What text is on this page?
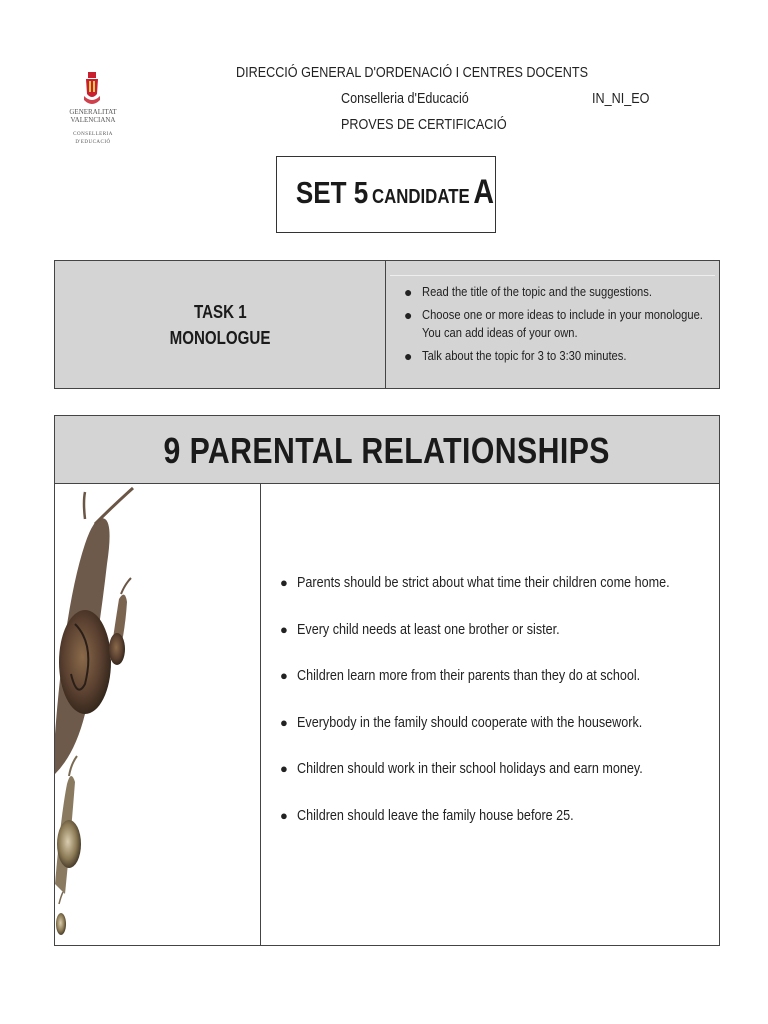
GENERALITAT
VALENCIANA
CONSELLERIA D'EDUCACIÓ
DIRECCIÓ GENERAL D'ORDENACIÓ I CENTRES DOCENTS
Conselleria d'Educació
PROVES DE CERTIFICACIÓ
IN_NI_EO
SET 5 CANDIDATE A
TASK 1
MONOLOGUE
● Read the title of the topic and the suggestions.
● Choose one or more ideas to include in your monologue. You can add ideas of your own.
● Talk about the topic for 3 to 3:30 minutes.
9 PARENTAL RELATIONSHIPS
● Parents should be strict about what time their children come home.
● Every child needs at least one brother or sister.
● Children learn more from their parents than they do at school.
● Everybody in the family should cooperate with the housework.
● Children should work in their school holidays and earn money.
● Children should leave the family house before 25.
